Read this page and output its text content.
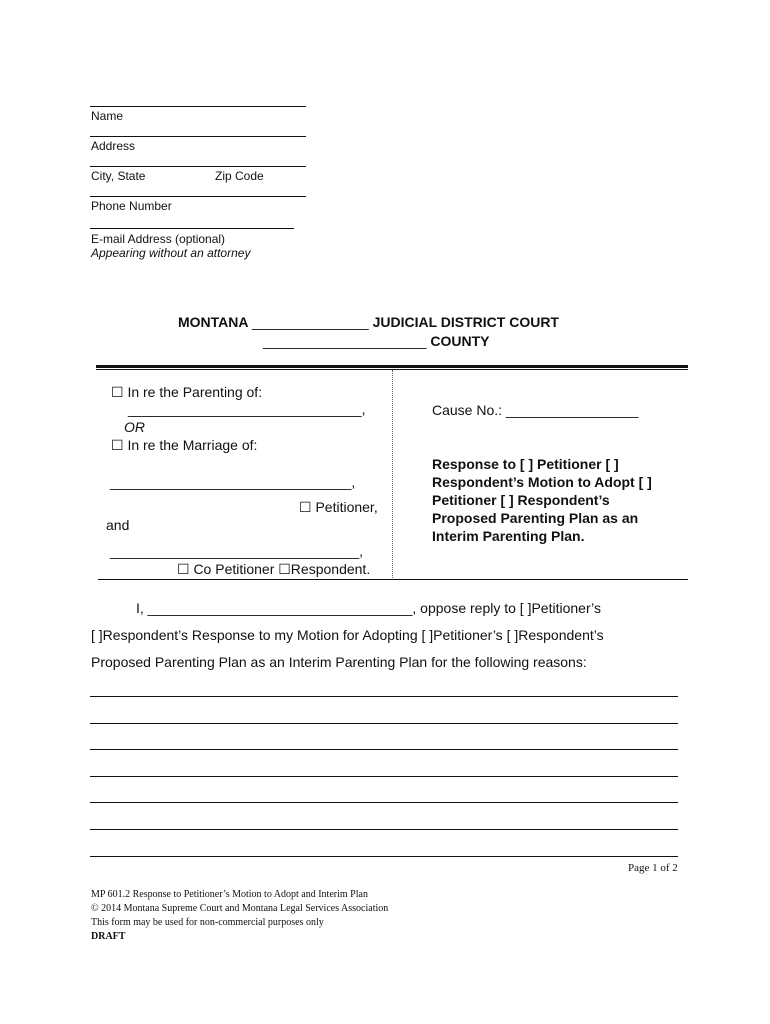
Name
Address
City, State	Zip Code
Phone Number
E-mail Address (optional)
Appearing without an attorney
MONTANA _______________ JUDICIAL DISTRICT COURT
_____________________ COUNTY
☐ In re the Parenting of:
______________________________,
OR
☐ In re the Marriage of:
_______________________________,
☐ Petitioner,
and
________________________________,
☐ Co Petitioner ☐Respondent.
Cause No.: _________________
Response to [ ] Petitioner [ ]
Respondent’s Motion to Adopt [ ]
Petitioner [ ] Respondent’s
Proposed Parenting Plan as an
Interim Parenting Plan.
I, __________________________________, oppose reply to [ ]Petitioner’s
[ ]Respondent’s Response to my Motion for Adopting [ ]Petitioner’s [ ]Respondent’s
Proposed Parenting Plan as an Interim Parenting Plan for the following reasons:
Page 1 of 2
MP 601.2 Response to Petitioner’s Motion to Adopt and Interim Plan
© 2014 Montana Supreme Court and Montana Legal Services Association
This form may be used for non-commercial purposes only
DRAFT
